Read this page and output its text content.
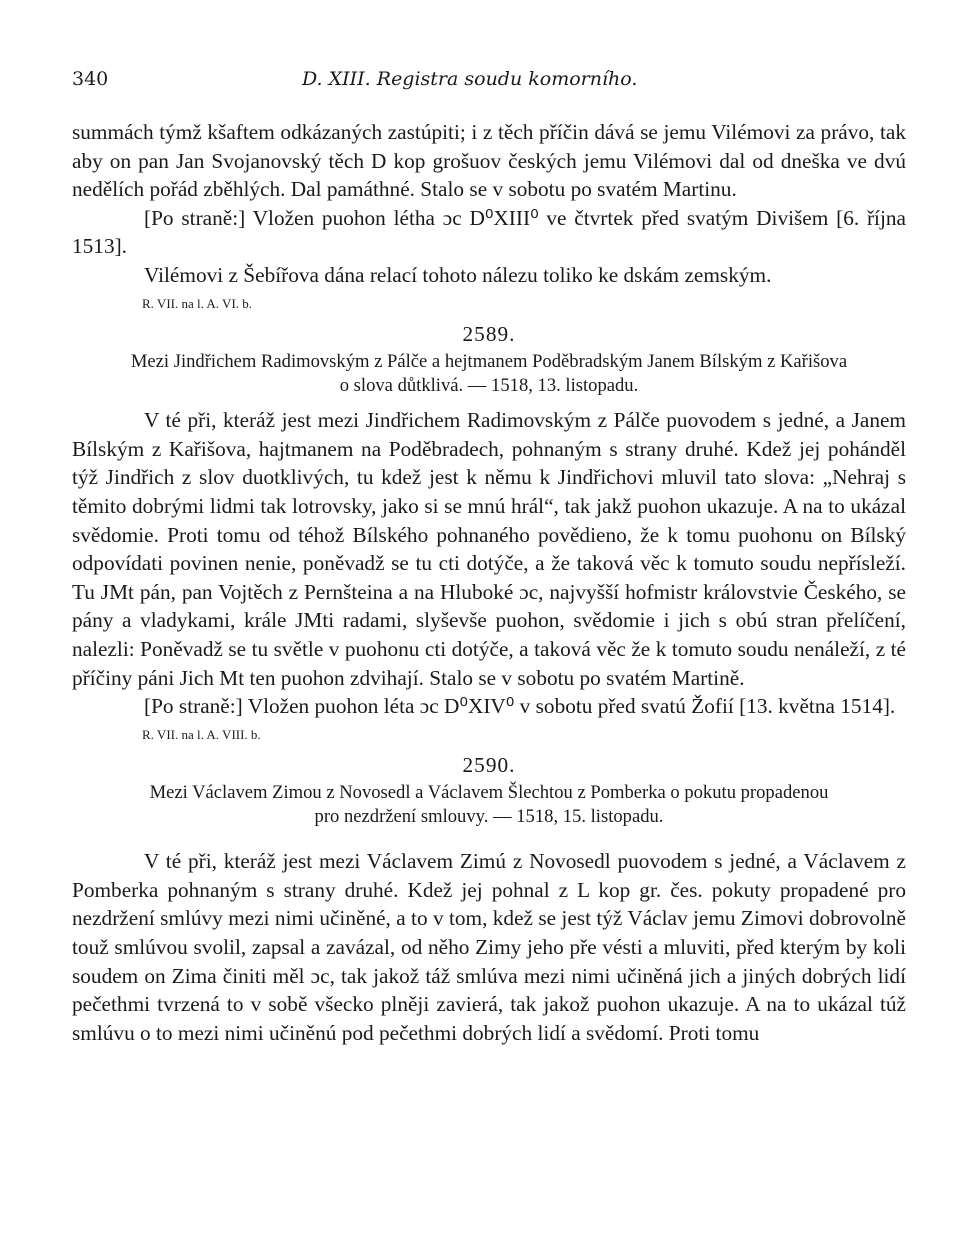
340	D. XIII. Registra soudu komorního.

summách týmž kšaftem odkázaných zastúpiti; i z těch příčin dává se jemu Vilémovi za právo, tak aby on pan Jan Svojanovský těch D kop grošuov českých jemu Vilémovi dal od dneška ve dvú nedělích pořád zběhlých. Dal památhné. Stalo se v sobotu po svatém Martinu.

[Po straně:] Vložen puohon létha ɔc D⁰XIII⁰ ve čtvrtek před svatým Divišem [6. října 1513].

Vilémovi z Šebířova dána relací tohoto nálezu toliko ke dskám zemským.

R. VII. na l. A. VI. b.

2589.

Mezi Jindřichem Radimovským z Pálče a hejtmanem Poděbradským Janem Bílským z Kařišova
o slova důtklivá. — 1518, 13. listopadu.

V té při, kteráž jest mezi Jindřichem Radimovským z Pálče puovodem s jedné, a Janem Bílským z Kařišova, hajtmanem na Poděbradech, pohnaným s strany druhé. Kdež jej pohánděl týž Jindřich z slov duotklivých, tu kdež jest k němu k Jindřichovi mluvil tato slova: „Nehraj s těmito dobrými lidmi tak lotrovsky, jako si se mnú hrál“, tak jakž puohon ukazuje. A na to ukázal svědomie. Proti tomu od téhož Bílského pohnaného povědieno, že k tomu puohonu on Bílský odpovídati povinen nenie, poněvadž se tu cti dotýče, a že taková věc k tomuto soudu nepřísleží. Tu JMt pán, pan Vojtěch z Pernšteina a na Hluboké ɔc, najvyšší hofmistr královstvie Českého, se pány a vladykami, krále JMti radami, slyševše puohon, svědomie i jich s obú stran přelíčení, nalezli: Poněvadž se tu světle v puohonu cti dotýče, a taková věc že k tomuto soudu nenáleží, z té příčiny páni Jich Mt ten puohon zdvihají. Stalo se v sobotu po svatém Martině.

[Po straně:] Vložen puohon léta ɔc D⁰XIV⁰ v sobotu před svatú Žofií [13. května 1514].

R. VII. na l. A. VIII. b.

2590.

Mezi Václavem Zimou z Novosedl a Václavem Šlechtou z Pomberka o pokutu propadenou
pro nezdržení smlouvy. — 1518, 15. listopadu.

V té při, kteráž jest mezi Václavem Zimú z Novosedl puovodem s jedné, a Václavem z Pomberka pohnaným s strany druhé. Kdež jej pohnal z L kop gr. čes. pokuty propadené pro nezdržení smlúvy mezi nimi učiněné, a to v tom, kdež se jest týž Václav jemu Zimovi dobrovolně touž smlúvou svolil, zapsal a zavázal, od něho Zimy jeho pře vésti a mluviti, před kterým by koli soudem on Zima činiti měl ɔc, tak jakož táž smlúva mezi nimi učiněná jich a jiných dobrých lidí pečethmi tvrzená to v sobě všecko plněji zavierá, tak jakož puohon ukazuje. A na to ukázal túž smlúvu o to mezi nimi učiněnú pod pečethmi dobrých lidí a svědomí. Proti tomu
